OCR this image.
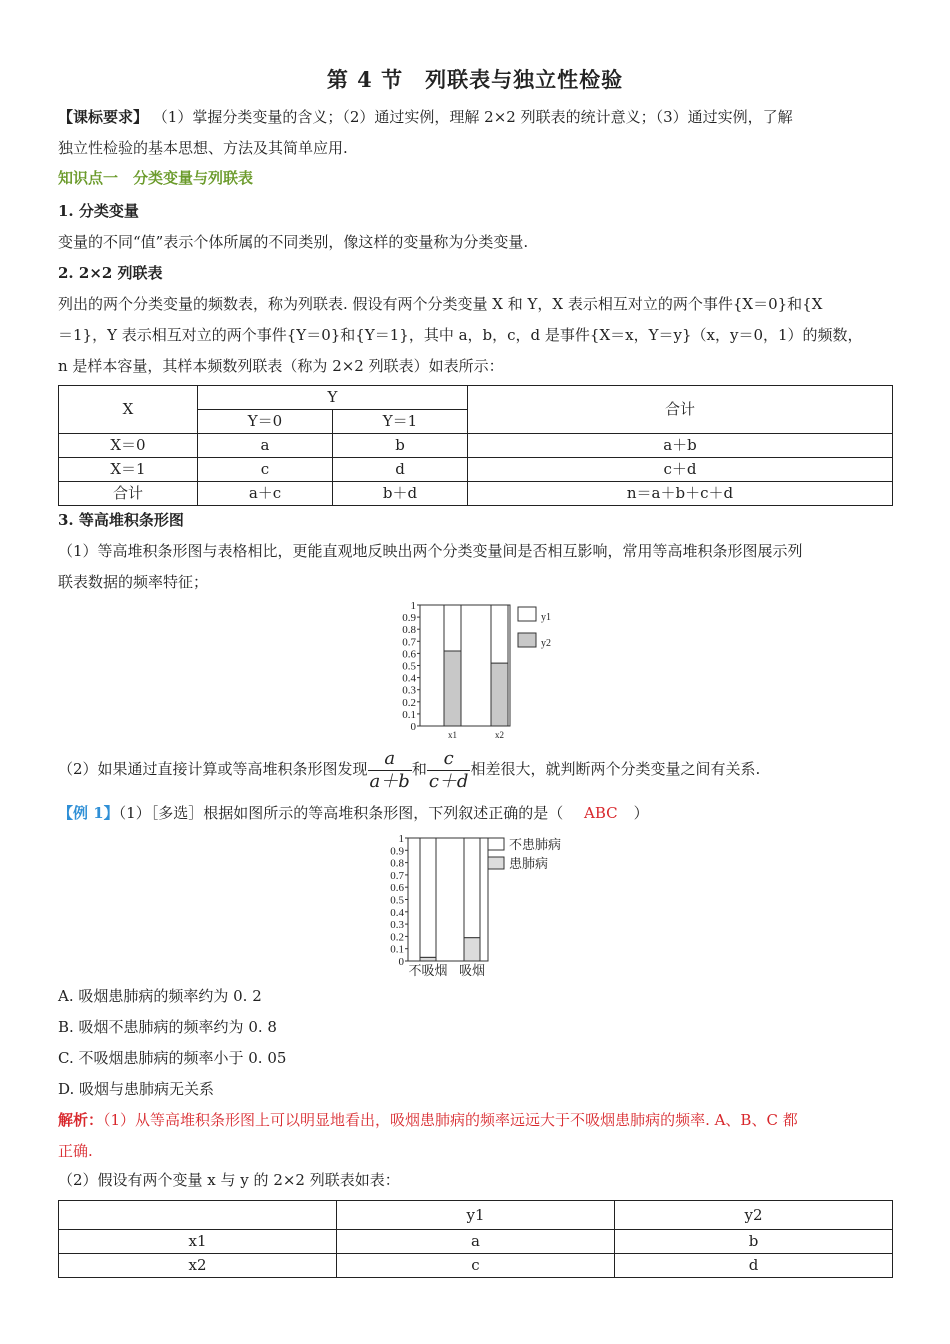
第 4 节　列联表与独立性检验
【课标要求】 （1）掌握分类变量的含义；（2）通过实例，理解 2×2 列联表的统计意义；（3）通过实例，了解
独立性检验的基本思想、方法及其简单应用.
知识点一　分类变量与列联表
1. 分类变量
变量的不同“值”表示个体所属的不同类别，像这样的变量称为分类变量.
2. 2×2 列联表
列出的两个分类变量的频数表，称为列联表. 假设有两个分类变量 X 和 Y，X 表示相互对立的两个事件{X＝0}和{X
＝1}，Y 表示相互对立的两个事件{Y＝0}和{Y＝1}，其中 a，b，c，d 是事件{X＝x，Y＝y}（x，y＝0，1）的频数，
n 是样本容量，其样本频数列联表（称为 2×2 列联表）如表所示：
X	Y		合计
	Y＝0	Y＝1	
X＝0	a	b	a＋b
X＝1	c	d	c＋d
合计	a＋c	b＋d	n＝a＋b＋c＋d
3. 等高堆积条形图
（1）等高堆积条形图与表格相比，更能直观地反映出两个分类变量间是否相互影响，常用等高堆积条形图展示列
联表数据的频率特征；
0
0.1
0.2
0.3
0.4
0.5
0.6
0.7
0.8
0.9
1
x1	x2
y1
y2
（2）如果通过直接计算或等高堆积条形图发现 $\frac{a}{a+b}$ 和 $\frac{c}{c+d}$ 相差很大，就判断两个分类变量之间有关系.
【例 1】（1）［多选］根据如图所示的等高堆积条形图，下列叙述正确的是（ ABC ）
0
0.1
0.2
0.3
0.4
0.5
0.6
0.7
0.8
0.9
1
不吸烟 吸烟
不患肺病
患肺病
A. 吸烟患肺病的频率约为 0. 2
B. 吸烟不患肺病的频率约为 0. 8
C. 不吸烟患肺病的频率小于 0. 05
D. 吸烟与患肺病无关系
解析：（1）从等高堆积条形图上可以明显地看出，吸烟患肺病的频率远远大于不吸烟患肺病的频率. A、B、C 都
正确.
（2）假设有两个变量 x 与 y 的 2×2 列联表如表：
	y1	y2
x1	a	b
x2	c	d
